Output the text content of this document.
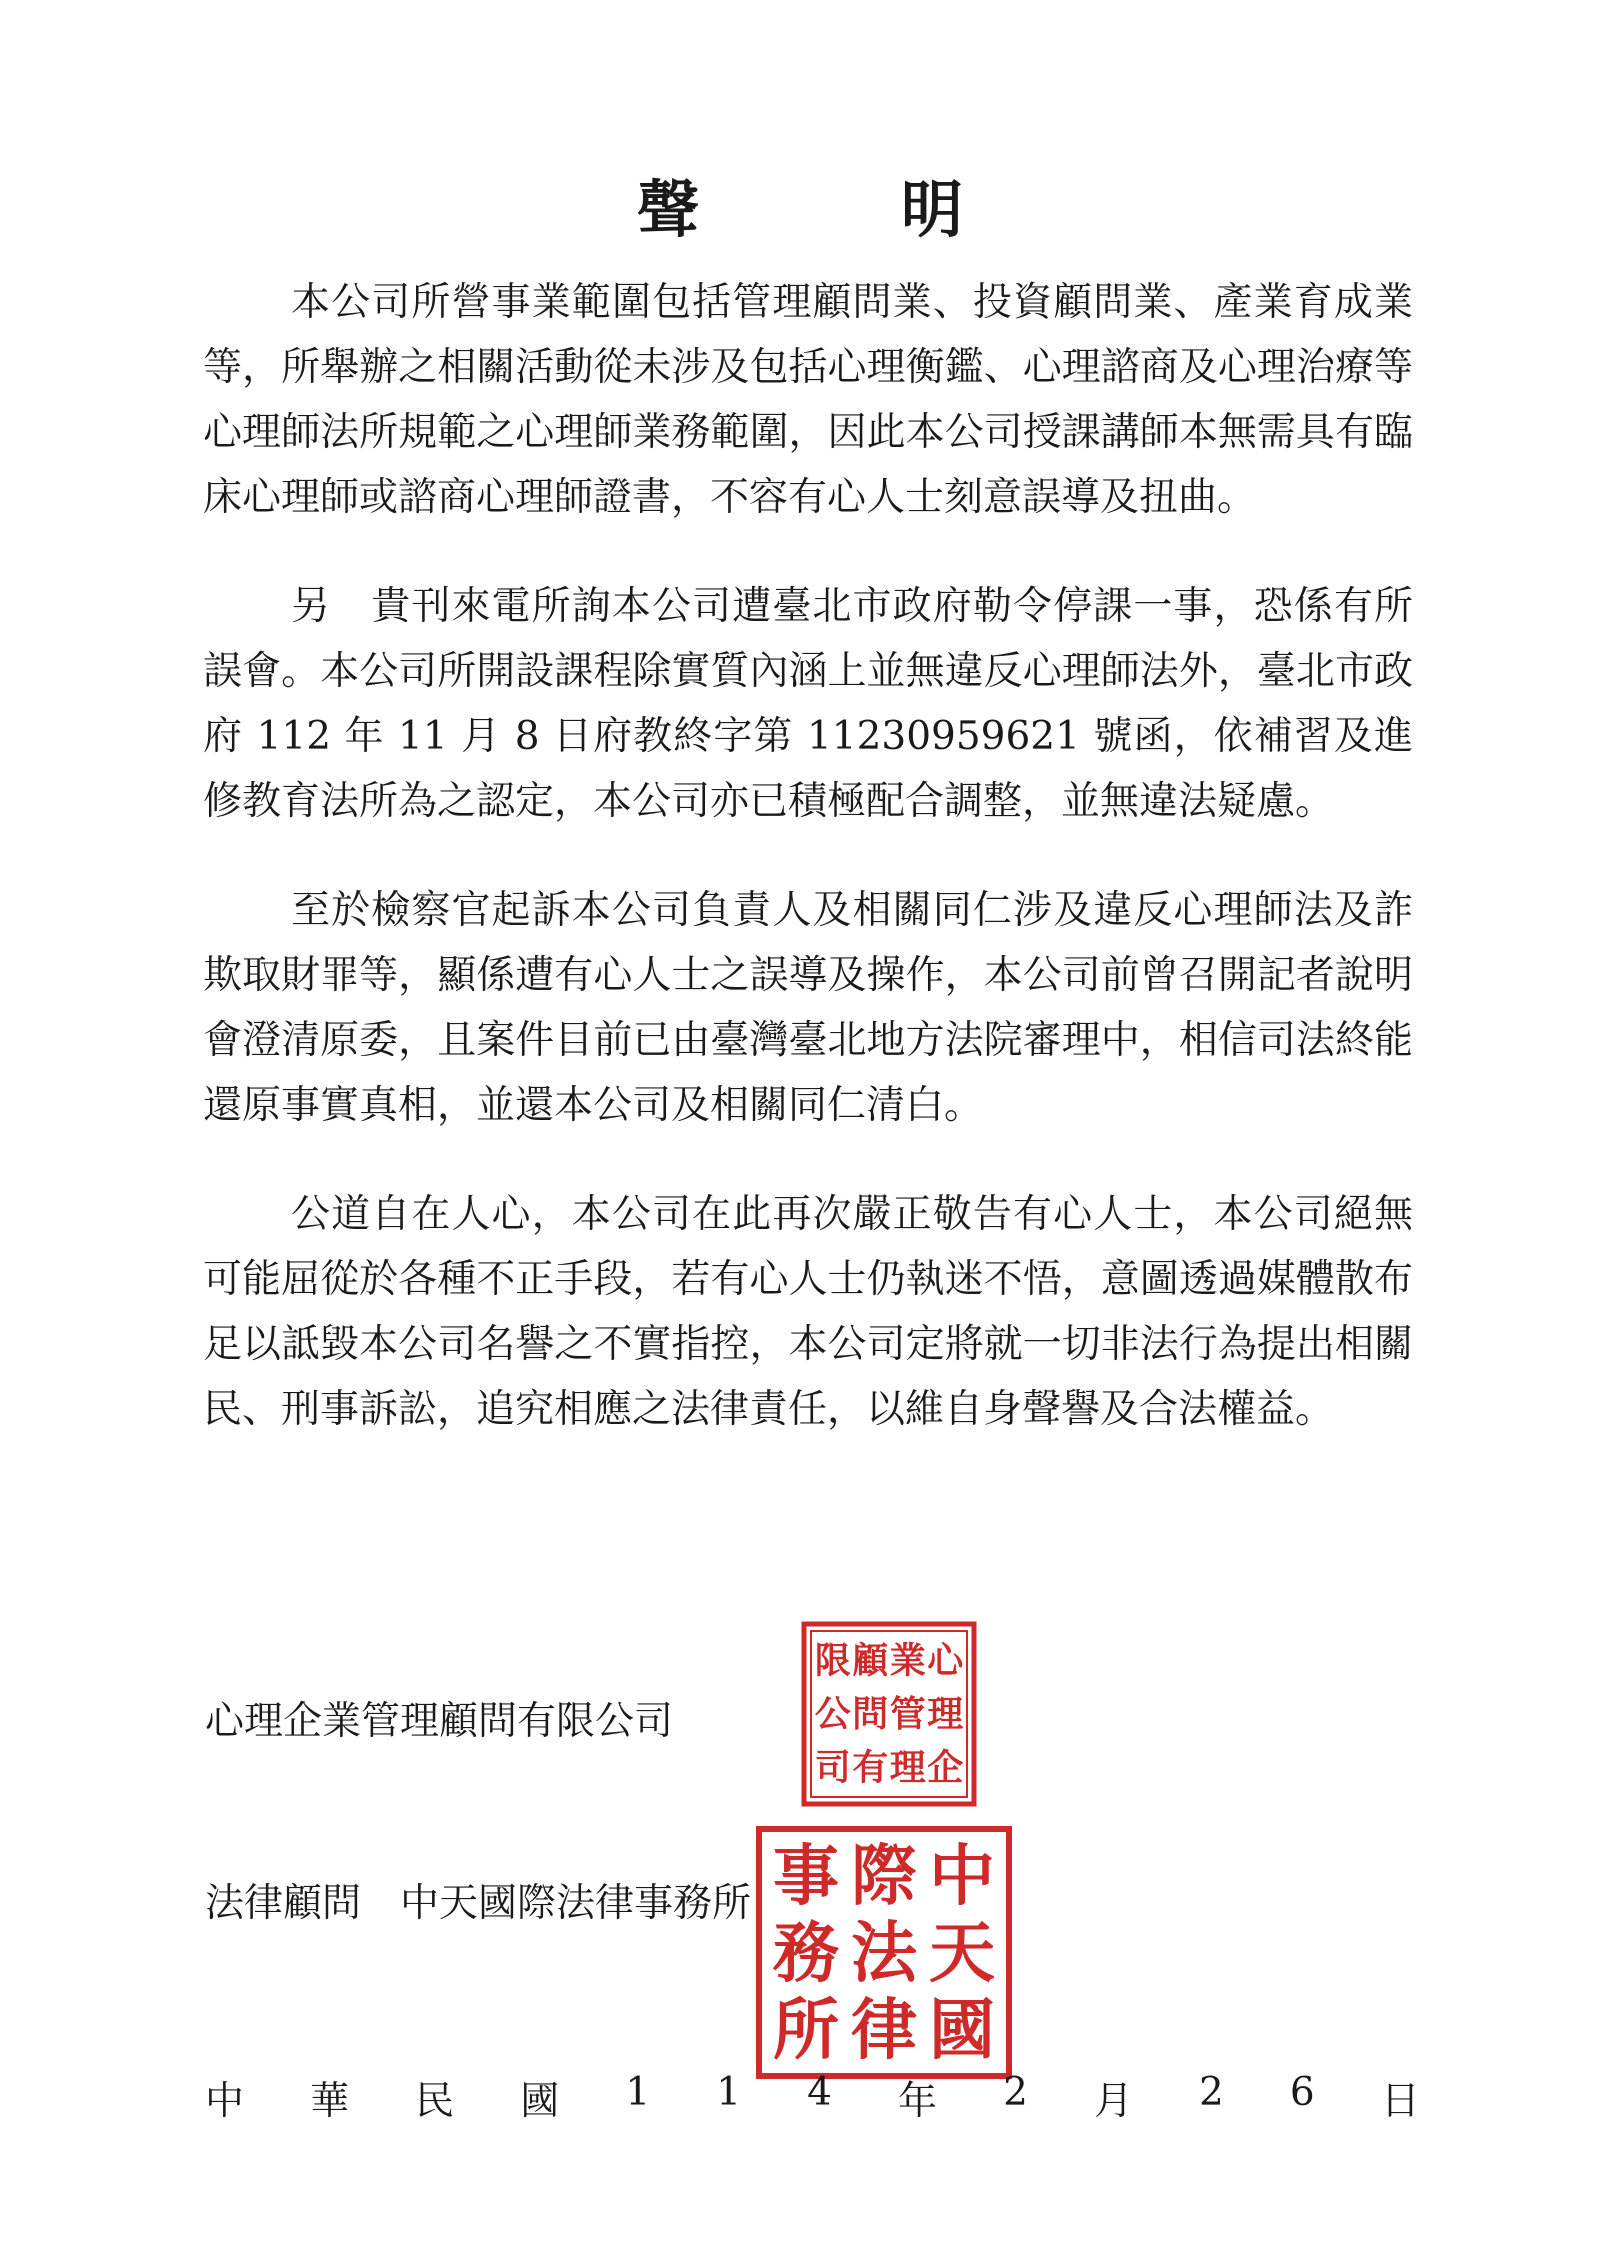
聲　明

本公司所營事業範圍包括管理顧問業、投資顧問業、產業育成業等，所舉辦之相關活動從未涉及包括心理衡鑑、心理諮商及心理治療等心理師法所規範之心理師業務範圍，因此本公司授課講師本無需具有臨床心理師或諮商心理師證書，不容有心人士刻意誤導及扭曲。

另　貴刊來電所詢本公司遭臺北市政府勒令停課一事，恐係有所誤會。本公司所開設課程除實質內涵上並無違反心理師法外，臺北市政府 112 年 11 月 8 日府教終字第 11230959621 號函，依補習及進修教育法所為之認定，本公司亦已積極配合調整，並無違法疑慮。

至於檢察官起訴本公司負責人及相關同仁涉及違反心理師法及詐欺取財罪等，顯係遭有心人士之誤導及操作，本公司前曾召開記者說明會澄清原委，且案件目前已由臺灣臺北地方法院審理中，相信司法終能還原事實真相，並還本公司及相關同仁清白。

公道自在人心，本公司在此再次嚴正敬告有心人士，本公司絕無可能屈從於各種不正手段，若有心人士仍執迷不悟，意圖透過媒體散布足以詆毀本公司名譽之不實指控，本公司定將就一切非法行為提出相關民、刑事訴訟，追究相應之法律責任，以維自身聲譽及合法權益。

心理企業管理顧問有限公司
法律顧問　中天國際法律事務所
心
理
企
業
管
理
顧
問
有
限
公
司
中
天
國
際
法
律
事
務
所
中 華 民 國 1 1 4 年 2 月 2 6 日
